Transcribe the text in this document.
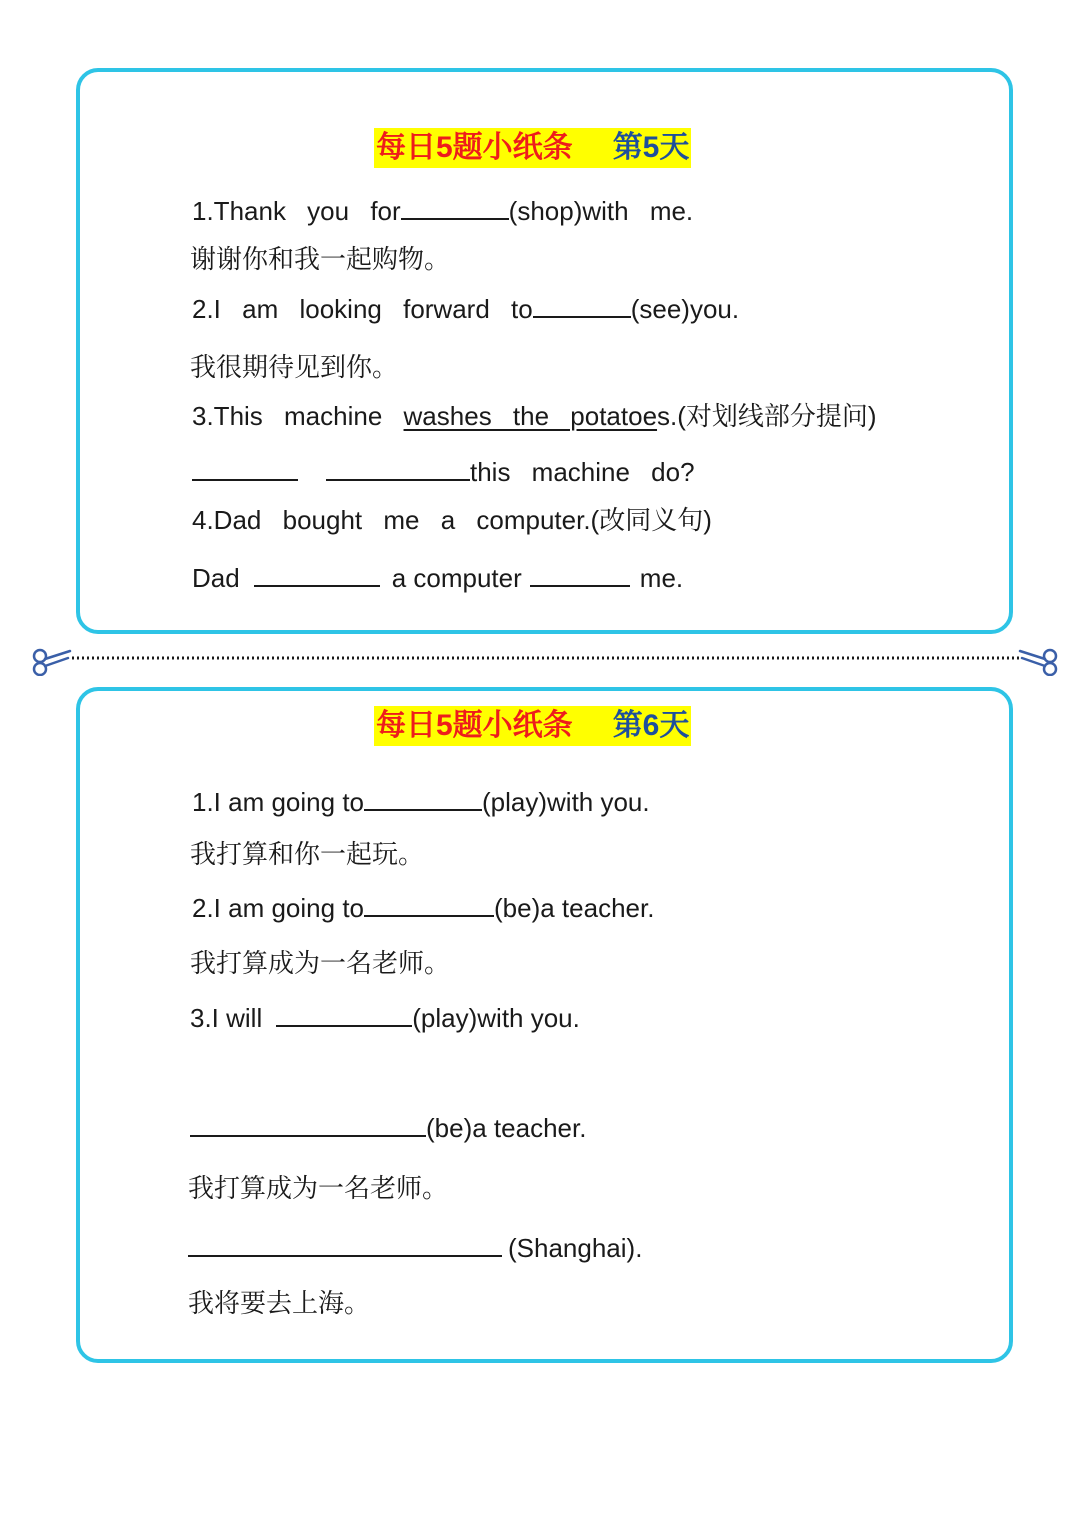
每日5题小纸条 第5天
1.Thank you for	(shop)with me.
谢谢你和我一起购物。
2.I am looking forward to	(see)you.
我很期待见到你。
3.This machine washes the potatoes.(对划线部分提问)
this machine do?
4.Dad bought me a computer.(改同义句)
Dad	a computer	me.
每日5题小纸条 第6天
1.I am going to	(play)with you.
我打算和你一起玩。
2.I am going to	(be)a teacher.
我打算成为一名老师。
3.I will	(play)with you.
(be)a teacher.
我打算成为一名老师。
(Shanghai).
我将要去上海。
